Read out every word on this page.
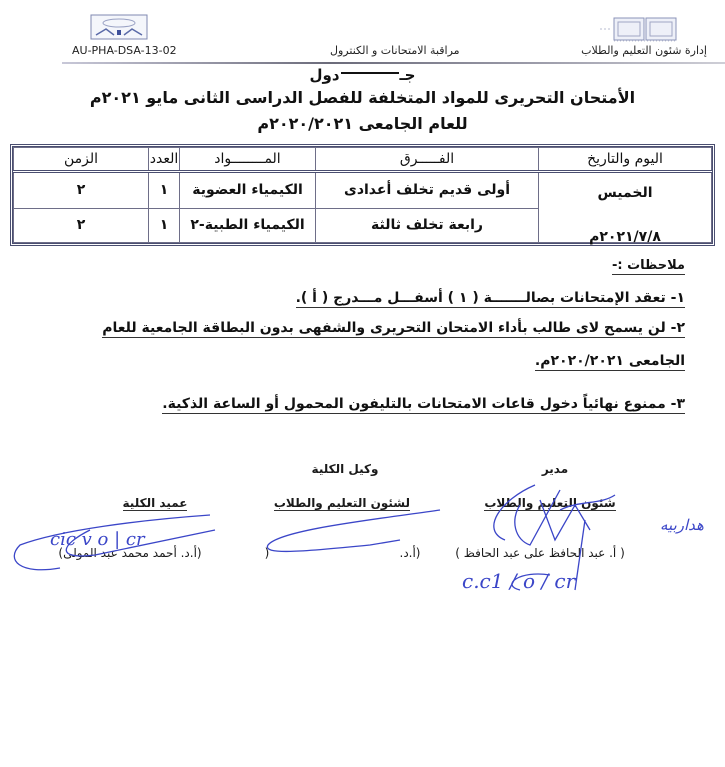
إدارة شئون التعليم والطلاب
مراقبة الامتحانات و الكنترول
AU-PHA-DSA-13-02
جـدول
الأمتحان التحريرى للمواد المتخلفة للفصل الدراسى الثانى مايو ٢٠٢١م
للعام الجامعى ٢٠٢٠/٢٠٢١م
اليوم والتاريخ	الفـــــرق	المــــــــواد	العدد	الزمن

الخميس
٢٠٢١/٧/٨م	أولى قديم تخلف أعدادى	الكيمياء العضوية	١	٢
	رابعة تخلف ثالثة	الكيمياء الطبية-٢	١	٢
ملاحظات :-
١- تعقد الإمتحانات بصالـــــــة ( ١ ) أسفـــل مـــدرج ( أ ).
٢- لن يسمح لاى طالب بأداء الامتحان التحريرى والشفهى بدون البطاقة الجامعية للعام
الجامعى ٢٠٢٠/٢٠٢١م.
٣- ممنوع نهائياً دخول قاعات الامتحانات بالتليفون المحمول أو الساعة الذكية.
مدير
شئون التعليم والطلاب
( أ. عبد الحافظ على عبد الحافظ )
وكيل الكلية
لشئون التعليم والطلاب
(أ.د.
)
عميد الكلية
(أ.د. أحمد محمد عبد المولى)
c.c1 / o / cr
ﮬﺪﺍﺭﺑﻴﻪ
cic v o | cr
